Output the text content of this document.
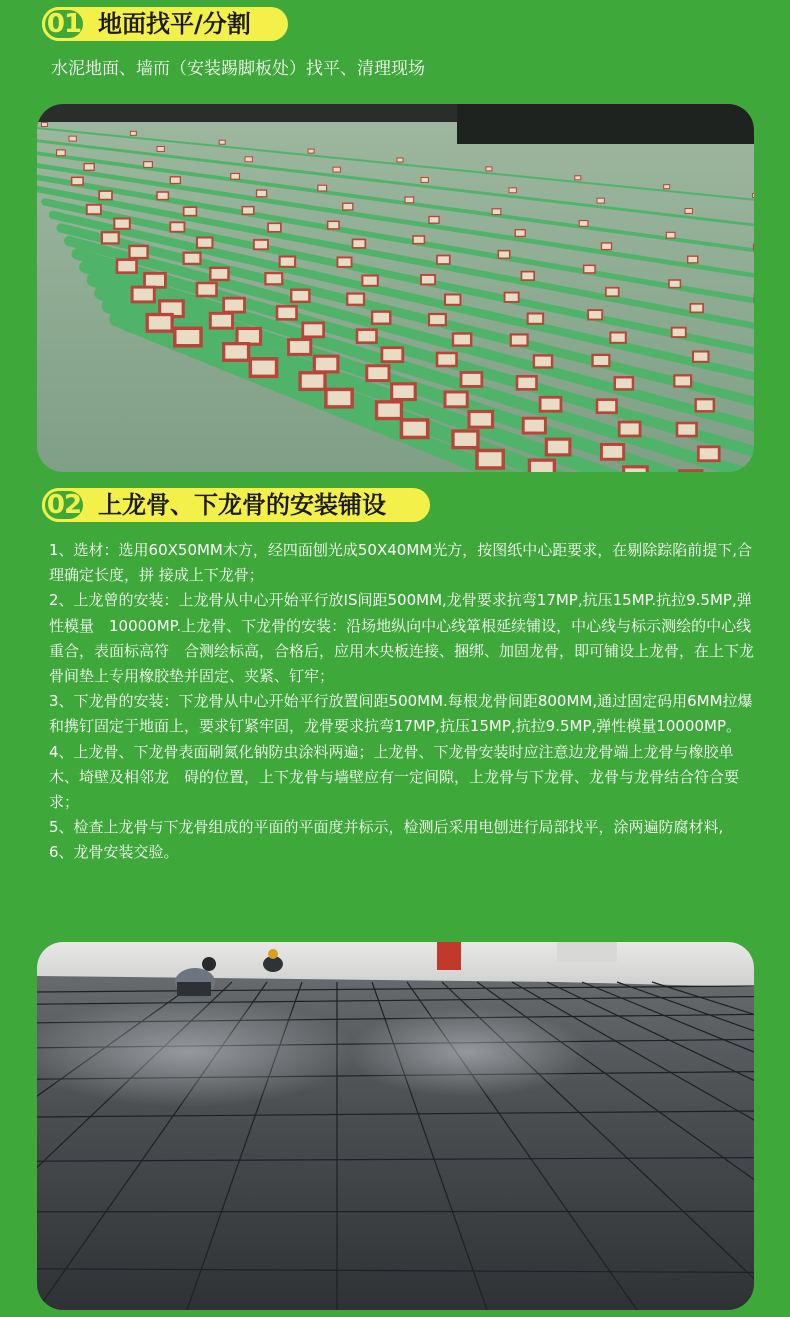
01 地面找平/分割
水泥地面、墙而（安装踢脚板处）找平、清理现场
02 上龙骨、下龙骨的安装铺设

1、选材：选用60X50MM木方，经四面刨光成50X40MM光方，按图纸中心距要求，在剔除踪陷前提下,合理确定长度，拼 接成上下龙骨；

2、上龙曾的安装：上龙骨从中心开始平行放IS间距500MM,龙骨要求抗弯17MP,抗压15MP.抗拉9.5MP,弹性模量　10000MP.上龙骨、下龙骨的安装：沿场地纵向中心线箪根延续铺设，中心线与标示测绘的中心线重合，表面标高符　合测绘标高，合格后，应用木央板连接、捆绑、加固龙骨，即可铺设上龙骨，在上下龙骨间垫上专用橡胶垫并固定、夹紧、钉牢；

3、下龙骨的安装：下龙骨从中心开始平行放置间距500MM.每根龙骨间距800MM,通过固定码用6MM拉爆和携钉固定于地面上，要求钉紧牢固，龙骨要求抗弯17MP,抗压15MP,抗拉9.5MP,弹性模量10000MP。

4、上龙骨、下龙骨表面刷氮化钠防虫涂料两遍；上龙骨、下龙骨安装时应注意边龙骨端上龙骨与橡胶单木、埼壁及相邻龙　碍的位置，上下龙骨与墙壁应有一定间隙，上龙骨与下龙骨、龙骨与龙骨结合符合要求；

5、检查上龙骨与下龙骨组成的平面的平面度并标示，检测后采用电刨进行局部找平，涂两遍防腐材料,

6、龙骨安装交验。
